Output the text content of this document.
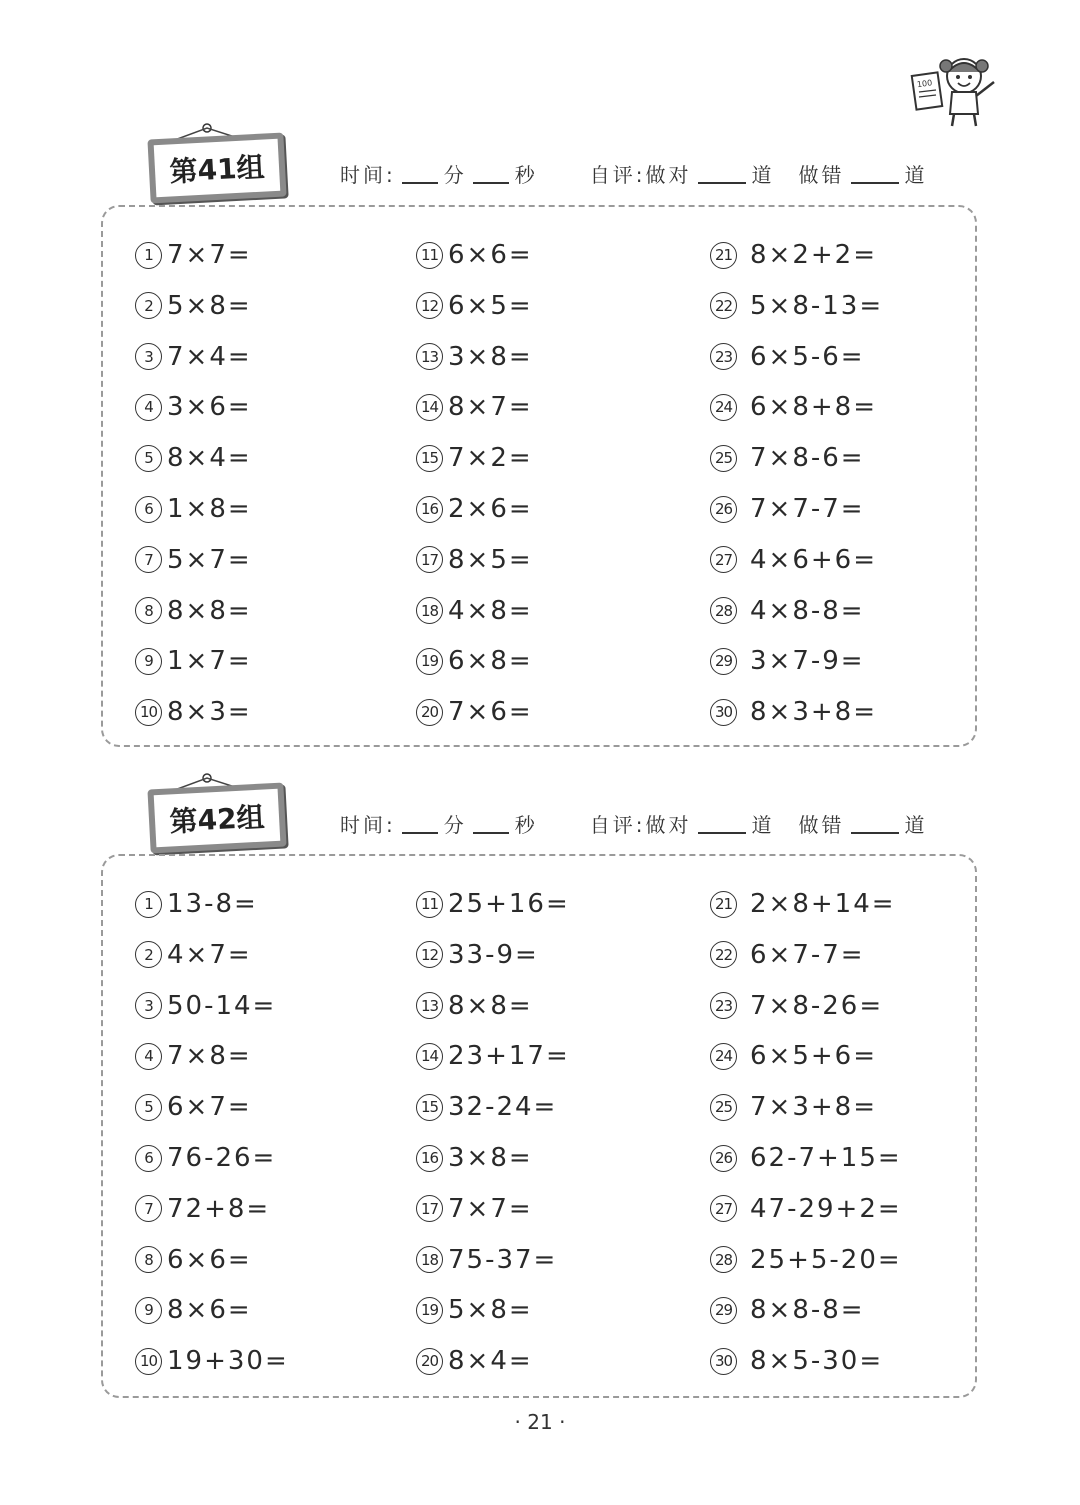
100
第41组	时间: 分 秒	自评:做对	道 做错	道
1 7×7=
2 5×8=
3 7×4=
4 3×6=
5 8×4=
6 1×8=
7 5×7=
8 8×8=
9 1×7=
10 8×3=
11 6×6=
12 6×5=
13 3×8=
14 8×7=
15 7×2=
16 2×6=
17 8×5=
18 4×8=
19 6×8=
20 7×6=
21 8×2+2=
22 5×8-13=
23 6×5-6=
24 6×8+8=
25 7×8-6=
26 7×7-7=
27 4×6+6=
28 4×8-8=
29 3×7-9=
30 8×3+8=
第42组	时间: 分 秒	自评:做对	道 做错	道
1 13-8=
2 4×7=
3 50-14=
4 7×8=
5 6×7=
6 76-26=
7 72+8=
8 6×6=
9 8×6=
10 19+30=
11 25+16=
12 33-9=
13 8×8=
14 23+17=
15 32-24=
16 3×8=
17 7×7=
18 75-37=
19 5×8=
20 8×4=
21 2×8+14=
22 6×7-7=
23 7×8-26=
24 6×5+6=
25 7×3+8=
26 62-7+15=
27 47-29+2=
28 25+5-20=
29 8×8-8=
30 8×5-30=
· 21 ·
